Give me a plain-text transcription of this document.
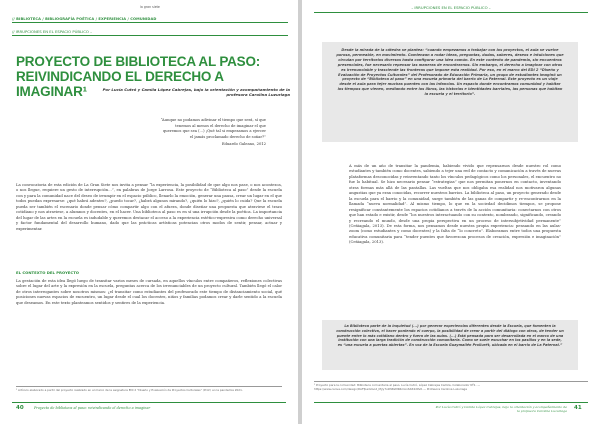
la gran siete
// BIBLIOTECA / BIBLIOGRAFÍA POÉTICA / EXPERIENCIA / COMUNIDAD
// IRRUPCIONES EN EL ESPACIO PÚBLICO –
PROYECTO DE BIBLIOTECA AL PASO: REIVINDICANDO EL DERECHO A IMAGINAR¹	Por Lucía Cutró y Camila López Cabrejas, bajo la orientación y acompañamiento de la profesora Carolina Luzuriaga
“Aunque no podamos adivinar el tiempo que será, sí que tenemos al menos el derecho de imaginar el que queremos que sea (...) ¡Qué tal si empezamos a ejercer el jamás proclamado derecho de soñar?”
Eduardo Galeano, 2012
La convocatoria de esta edición de La Gran Siete nos invita a pensar “la experiencia, la posibilidad de que algo nos pase, o nos acontezca, o nos llegue, requiere un gesto de interrupción...”, en palabras de Jorge Larrosa. Este proyecto de “Biblioteca al paso” desde la escuela con y para la comunidad nace del deseo de irrumpir en el espacio público, llenarlo la emoción, generar una pausa, crear un lugar en el que todos puedan expresarse: ¿qué habrá adentro?, ¿puedo tocar?, ¿habrá algunos mirando?, ¿quién lo hizo?, ¿quién lo cuida? Que la escuela pueda ser también el escenario donde pensar cómo compartir algo con el afuera, donde diseñar una propuesta que atraviese el trazo cotidiano y nos atraviese, a alumnos y docentes, en el hacer. Una biblioteca al paso es en sí una irrupción desde la poética. La importancia del lugar de las artes en la escuela es indudable y queremos destacar el acceso a la experiencia estético-expresiva como derecho universal y factor fundamental del desarrollo humano, dado que las prácticas artísticas potencian otros modos de sentir, pensar, actuar y experimentar.
EL CONTEXTO DEL PROYECTO
La gestación de esta idea llegó luego de transitar varios meses de cursada, en aquellos vínculos entre compañeros, reflexiones colectivas sobre el lugar del arte y la expresión en la escuela, preguntas acerca de los irrenunciables de un proyecto cultural. También llegó el calor de otros interrogantes sobre nosotros mismos: ¿el transitar como estudiantes del profesorado este tiempo de distanciamiento social, qué posiciones nuevas espacios de encuentro, un lugar desde el cual los docentes, niños y familias podamos crear y darle sentido a la escuela que deseamos. En este texto planteamos sentidos y sentires de la experiencia.
¹ Artículo elaborado a partir del proyecto realizado en el marco de la asignatura EDI 2 “Diseño y Evaluación de Proyectos Culturales” (Prof.) en la pandemia 2021.
40	Proyecto de biblioteca al paso: reivindicando el derecho a imaginar
– IRRUPCIONES EN EL ESPACIO PÚBLICO –
Desde la mirada de la cátedra se plantea: “cuando empezamos a trabajar con los proyectos, el aula se vuelve porosa, permeable, en movimiento. Comienzan a rodar ideas, preguntas, dudas, saberes, deseos e intuiciones que circulan por territorios diversos hasta configurar una idea común. En este contexto de pandemia, sin encuentros presenciales, fue necesario repensar las maneras de encontrarnos. Sin embargo, el derecho a imaginar con otros es irrenunciable y trasciende las fronteras que impone esta realidad. Por eso, en el marco del EDI 2 “Diseño y Evaluación de Proyectos Culturales” del Profesorado de Educación Primaria, un grupo de estudiantes imaginó un proyecto de “Biblioteca al paso” en una escuela primaria del barrio de La Paternal. Este proyecto es un viaje desde el aula para tejer muchas puentes con las infancias. Un espacio donde encontramos comunidad y habitar los tiempos que vienen, mediando entre los libros, las historias e identidades barriales, las personas que habitan la escuela y el territorio”.
A más de un año de transitar la pandemia, habiendo vivido que repensarnos desde nuestro rol como estudiantes y también como docentes, sabiendo a tejer una red de contacto y comunicación a través de nuevas plataformas desconocidas y reinventando tanto los vínculos pedagógicos como los personales, el encuentro no fue lo habitual. Se hizo necesario pensar “estrategias” que nos permitan ponernos en contacto, inventando otras formas más allá de las pantallas. Las vueltas que nos obligaba esa realidad nos motivaron algunas angustias que ya eran conocidas, recorrer nuestros barrios. La biblioteca al paso, un proyecto generado desde la escuela para el barrio y la comunidad, surge también de las ganas de compartir y re-encontrarnos en la llamada “nueva normalidad”. Al mismo tiempo, lo que en la sociedad decidimos tiempos, se propone resignificar constantemente los espacios cotidianos a través de la acción comunitaria: conectarnos con otros que han estado e existir, desde “los nuestros interactuando con su contexto, nombrando, significando, creando y recreando el mundo, desde una propia perspectiva en un proceso de intersubjetividad permanente” (Ceñiagala, 2013). De esta forma, nos pensamos desde nuestra propia experiencia: pensando en las aulas-zoom (como estudiantes y como docentes) y la falta de “lo concreto”. Elaboramos entre todos una propuesta educativa comunitaria para “tender puentes que favorezcan procesos de creación, expresión e imaginación” (Ceñiagala, 2013).
La Biblioteca parte de la inquietud (...) por generar experiencias diferentes desde la Escuela, que fomenten la construcción colectiva, el hacer poniendo el cuerpo, la posibilidad de crear a partir del diálogo con otros, de tender un puente entre lo más cotidiano dentro y fuera de las aulas. (...) Está pensada para ser desarrollada en el marco de una institución con una larga tradición de construcción comunitaria. Como se suele escuchar en los pasillos y en la sede, es “una escuela a puertas abiertas”. En voz de la Escuela Guaymallén Prollurét, ubicada en el barrio de La Paternal.”
¹ Proyecto para la comunidad: Biblioteca comunitaria al paso. Lucía Cutró, López Cabrejas Camila, Colaborador Nº1. — https://www.canva.com/design/DAFfpadxGo2_Mj/y7o9h8GMK6mAnSXZ4d0VA — Profesora Carolina Luzuriaga
Por Lucía Cutró y Camila López Cabrejas, bajo la orientación y acompañamiento de la profesora Carolina Luzuriaga 41
